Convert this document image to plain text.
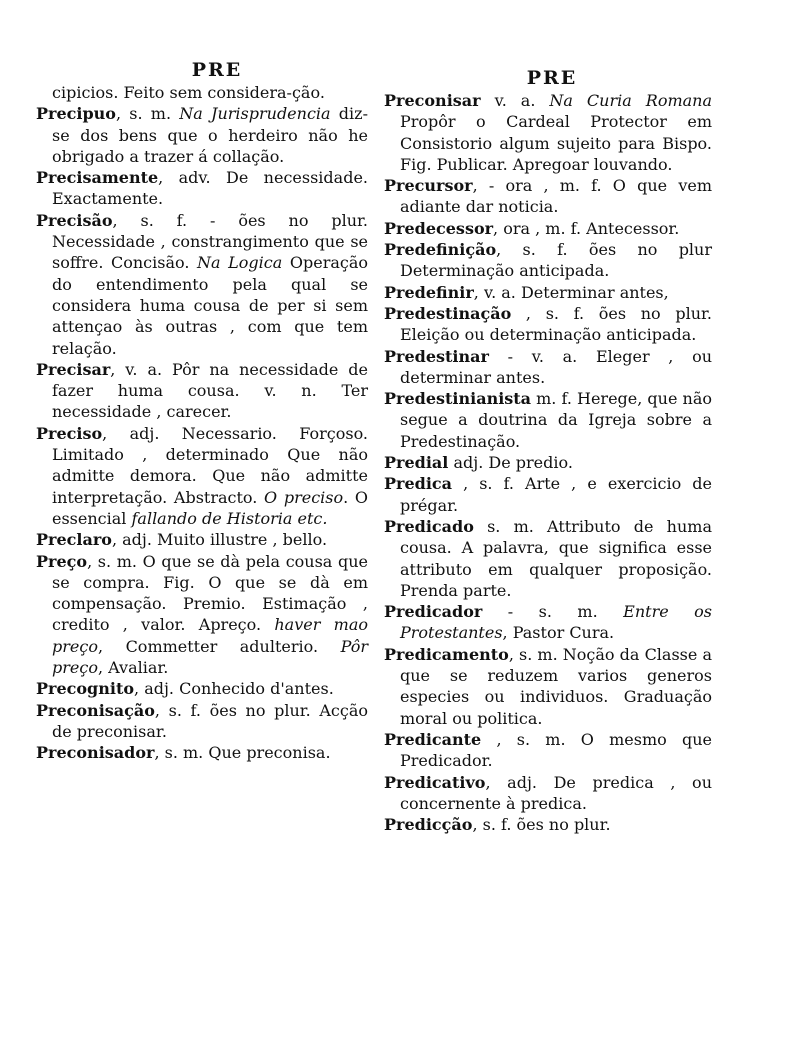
PRE

cipicios. Feito sem considera-ção.

Precipuo, s. m. Na Jurisprudencia diz-se dos bens que o herdeiro não he obrigado a trazer á collação.

Precisamente, adv. De necessidade. Exactamente.

Precisão, s. f. - ões no plur. Necessidade , constrangimento que se soffre. Concisão. Na Logica Operação do entendimento pela qual se considera huma cousa de per si sem attençao às outras , com que tem relação.

Precisar, v. a. Pôr na necessidade de fazer huma cousa. v. n. Ter necessidade , carecer.

Preciso, adj. Necessario. Forçoso. Limitado , determinado Que não admitte demora. Que não admitte interpretação. Abstracto. O preciso. O essencial fallando de Historia etc.

Preclaro, adj. Muito illustre , bello.

Preço, s. m. O que se dà pela cousa que se compra. Fig. O que se dà em compensação. Premio. Estimação , credito , valor. Apreço. haver mao preço, Commetter adulterio. Pôr preço, Avaliar.

Precognito, adj. Conhecido d'antes.

Preconisação, s. f. ões no plur. Acção de preconisar.

Preconisador, s. m. Que preconisa.

PRE

Preconisar v. a. Na Curia Romana Propôr o Cardeal Protector em Consistorio algum sujeito para Bispo. Fig. Publicar. Apregoar louvando.

Precursor, - ora , m. f. O que vem adiante dar noticia.

Predecessor, ora , m. f. Antecessor.

Predefinição, s. f. ões no plur Determinação anticipada.

Predefinir, v. a. Determinar antes,

Predestinação , s. f. ões no plur. Eleição ou determinação anticipada.

Predestinar - v. a. Eleger , ou determinar antes.

Predestinianista m. f. Herege, que não segue a doutrina da Igreja sobre a Predestinação.

Predial adj. De predio.

Predica , s. f. Arte , e exercicio de prégar.

Predicado s. m. Attributo de huma cousa. A palavra, que significa esse attributo em qualquer proposição. Prenda parte.

Predicador - s. m. Entre os Protestantes, Pastor Cura.

Predicamento, s. m. Noção da Classe a que se reduzem varios generos especies ou individuos. Graduação moral ou politica.

Predicante , s. m. O mesmo que Predicador.

Predicativo, adj. De predica , ou concernente à predica.

Predicção, s. f. ões no plur.
